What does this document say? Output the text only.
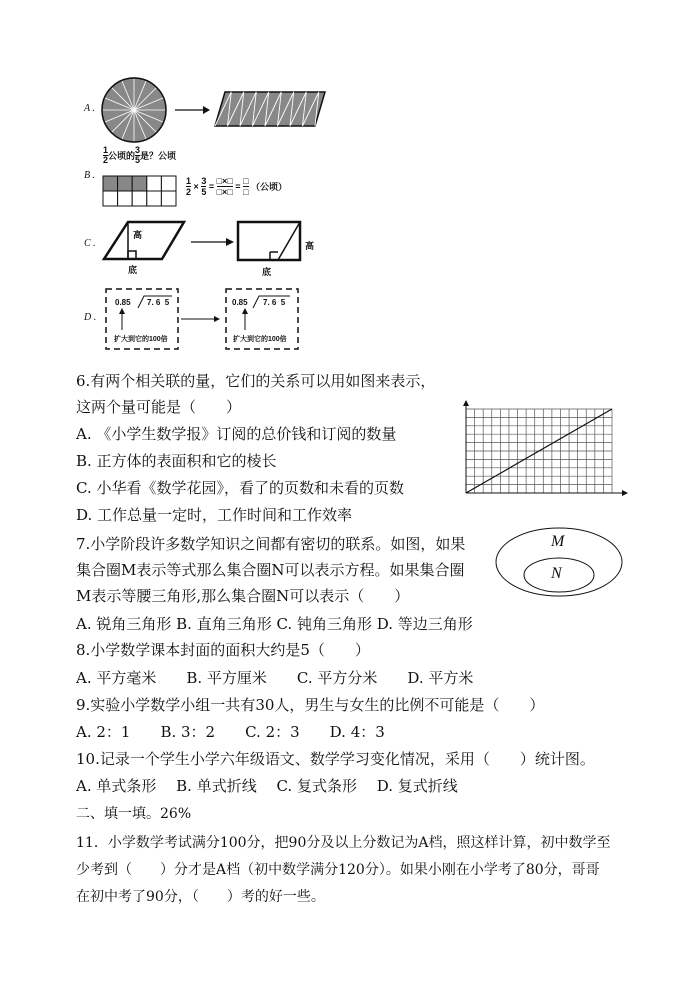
A .
$\frac{1}{2}$公顷的$\frac{3}{5}$是？公顷
B .
$\frac{1}{2} \times \frac{3}{5}$ = □×□
□×□ = □
□ （公顷）
C .
高
底
高
底
D .
0.85 7. 6  5	0.85 7. 6  5
扩大到它的100倍	扩大到它的100倍
6.有两个相关联的量，它们的关系可以用如图来表示，
这两个量可能是（　　）
A. 《小学生数学报》订阅的总价钱和订阅的数量
B. 正方体的表面积和它的棱长
C. 小华看《数学花园》，看了的页数和未看的页数
D. 工作总量一定时，工作时间和工作效率
7.小学阶段许多数学知识之间都有密切的联系。如图，如果
集合圈M表示等式那么集合圈N可以表示方程。如果集合圈
M表示等腰三角形,那么集合圈N可以表示（　　）
A. 锐角三角形 B. 直角三角形 C. 钝角三角形 D. 等边三角形
M
N
8.小学数学课本封面的面积大约是5（　　）
A. 平方毫米　　B. 平方厘米　　C. 平方分米　　D. 平方米
9.实验小学数学小组一共有30人，男生与女生的比例不可能是（　　）
A. 2：1　　B. 3：2　　C. 2：3　　D. 4：3
10.记录一个学生小学六年级语文、数学学习变化情况，采用（　　）统计图。
A. 单式条形　 B. 单式折线　 C. 复式条形　 D. 复式折线
二、填一填。26%
11．小学数学考试满分100分，把90分及以上分数记为A档，照这样计算，初中数学至
少考到（　　）分才是A档（初中数学满分120分）。如果小刚在小学考了80分，哥哥
在初中考了90分，（　　）考的好一些。
